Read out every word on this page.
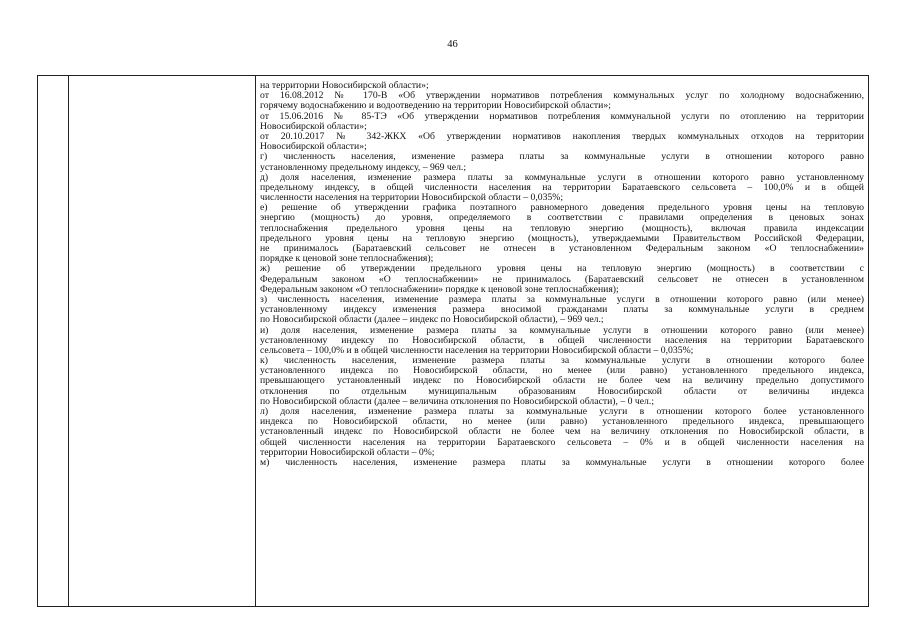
46
на территории Новосибирской области»;
от 16.08.2012 № 170-В «Об утверждении нормативов потребления коммунальных услуг по холодному водоснабжению,
горячему водоснабжению и водоотведению на территории Новосибирской области»;
от 15.06.2016 № 85-ТЭ «Об утверждении нормативов потребления коммунальной услуги по отоплению на территории
Новосибирской области»;
от 20.10.2017 № 342-ЖКХ «Об утверждении нормативов накопления твердых коммунальных отходов на территории
Новосибирской области»;
г) численность населения, изменение размера платы за коммунальные услуги в отношении которого равно
установленному предельному индексу, – 969 чел.;
д) доля населения, изменение размера платы за коммунальные услуги в отношении которого равно установленному
предельному индексу, в общей численности населения на территории Баратаевского сельсовета – 100,0% и в общей
численности населения на территории Новосибирской области – 0,035%;
е) решение об утверждении графика поэтапного равномерного доведения предельного уровня цены на тепловую
энергию (мощность) до уровня, определяемого в соответствии с правилами определения в ценовых зонах
теплоснабжения предельного уровня цены на тепловую энергию (мощность), включая правила индексации
предельного уровня цены на тепловую энергию (мощность), утверждаемыми Правительством Российской Федерации,
не принималось (Баратаевский сельсовет не отнесен в установленном Федеральным законом «О теплоснабжении»
порядке к ценовой зоне теплоснабжения);
ж) решение об утверждении предельного уровня цены на тепловую энергию (мощность) в соответствии с
Федеральным законом «О теплоснабжении» не принималось (Баратаевский сельсовет не отнесен в установленном
Федеральным законом «О теплоснабжении» порядке к ценовой зоне теплоснабжения);
з) численность населения, изменение размера платы за коммунальные услуги в отношении которого равно (или менее)
установленному индексу изменения размера вносимой гражданами платы за коммунальные услуги в среднем
по Новосибирской области (далее – индекс по Новосибирской области), – 969 чел.;
и) доля населения, изменение размера платы за коммунальные услуги в отношении которого равно (или менее)
установленному индексу по Новосибирской области, в общей численности населения на территории Баратаевского
сельсовета – 100,0% и в общей численности населения на территории Новосибирской области – 0,035%;
к) численность населения, изменение размера платы за коммунальные услуги в отношении которого более
установленного индекса по Новосибирской области, но менее (или равно) установленного предельного индекса,
превышающего установленный индекс по Новосибирской области не более чем на величину предельно допустимого
отклонения по отдельным муниципальным образованиям Новосибирской области от величины индекса
по Новосибирской области (далее – величина отклонения по Новосибирской области), – 0 чел.;
л) доля населения, изменение размера платы за коммунальные услуги в отношении которого более установленного
индекса по Новосибирской области, но менее (или равно) установленного предельного индекса, превышающего
установленный индекс по Новосибирской области не более чем на величину отклонения по Новосибирской области, в
общей численности населения на территории Баратаевского сельсовета – 0% и в общей численности населения на
территории Новосибирской области – 0%;
м) численность населения, изменение размера платы за коммунальные услуги в отношении которого более
